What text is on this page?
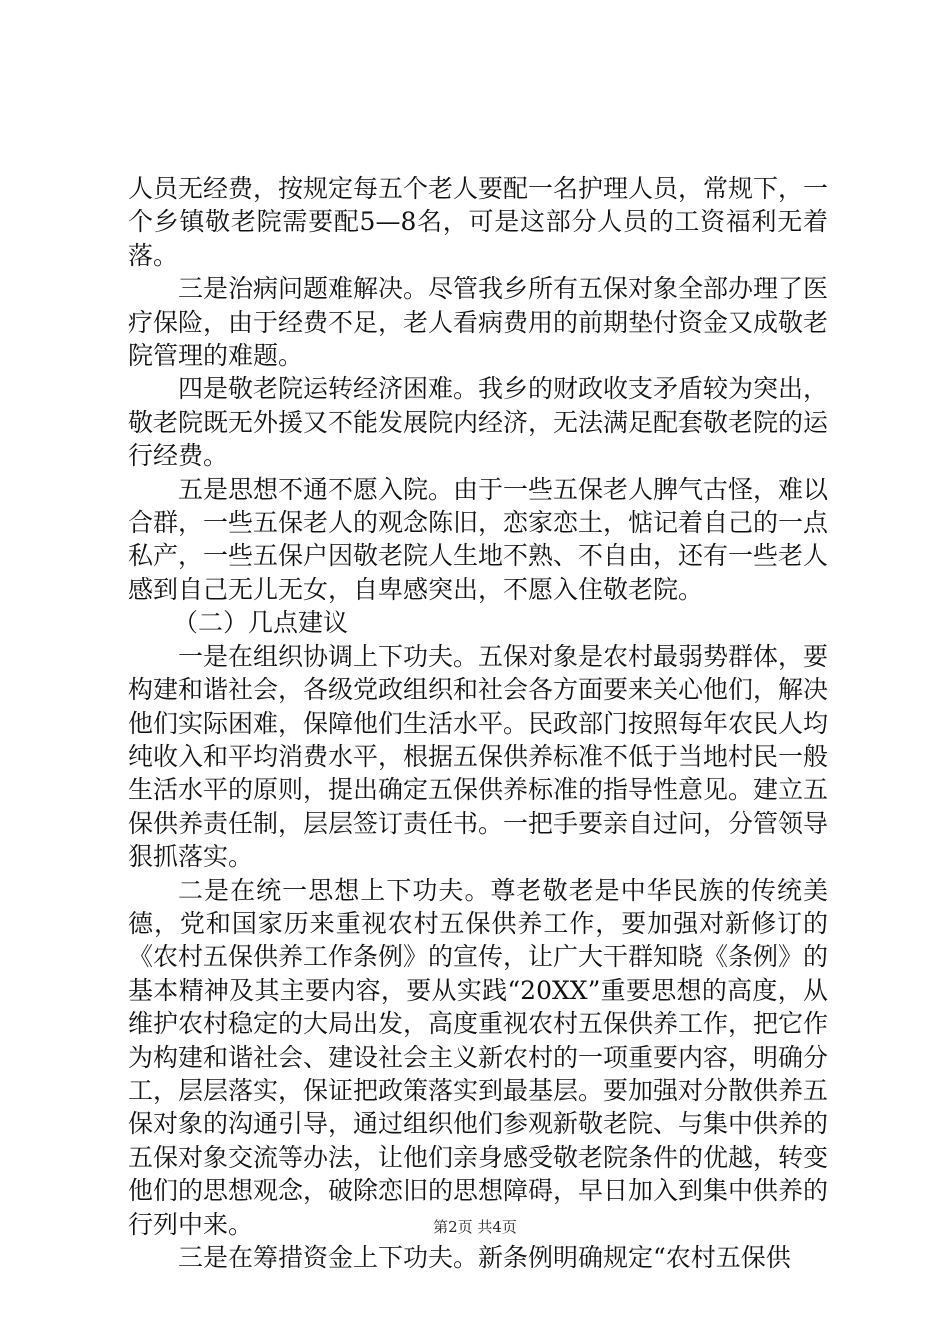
人员无经费，按规定每五个老人要配一名护理人员，常规下，一个乡镇敬老院需要配5—8名，可是这部分人员的工资福利无着落。

三是治病问题难解决。尽管我乡所有五保对象全部办理了医疗保险，由于经费不足，老人看病费用的前期垫付资金又成敬老院管理的难题。

四是敬老院运转经济困难。我乡的财政收支矛盾较为突出，敬老院既无外援又不能发展院内经济，无法满足配套敬老院的运行经费。

五是思想不通不愿入院。由于一些五保老人脾气古怪，难以合群，一些五保老人的观念陈旧，恋家恋土，惦记着自己的一点私产，一些五保户因敬老院人生地不熟、不自由，还有一些老人感到自己无儿无女，自卑感突出，不愿入住敬老院。

（二）几点建议

一是在组织协调上下功夫。五保对象是农村最弱势群体，要构建和谐社会，各级党政组织和社会各方面要来关心他们，解决他们实际困难，保障他们生活水平。民政部门按照每年农民人均纯收入和平均消费水平，根据五保供养标准不低于当地村民一般生活水平的原则，提出确定五保供养标准的指导性意见。建立五保供养责任制，层层签订责任书。一把手要亲自过问，分管领导狠抓落实。

二是在统一思想上下功夫。尊老敬老是中华民族的传统美德，党和国家历来重视农村五保供养工作，要加强对新修订的《农村五保供养工作条例》的宣传，让广大干群知晓《条例》的基本精神及其主要内容，要从实践“20XX”重要思想的高度，从维护农村稳定的大局出发，高度重视农村五保供养工作，把它作为构建和谐社会、建设社会主义新农村的一项重要内容，明确分工，层层落实，保证把政策落实到最基层。要加强对分散供养五保对象的沟通引导，通过组织他们参观新敬老院、与集中供养的五保对象交流等办法，让他们亲身感受敬老院条件的优越，转变他们的思想观念，破除恋旧的思想障碍，早日加入到集中供养的行列中来。

三是在筹措资金上下功夫。新条例明确规定“农村五保供

第2页 共4页
